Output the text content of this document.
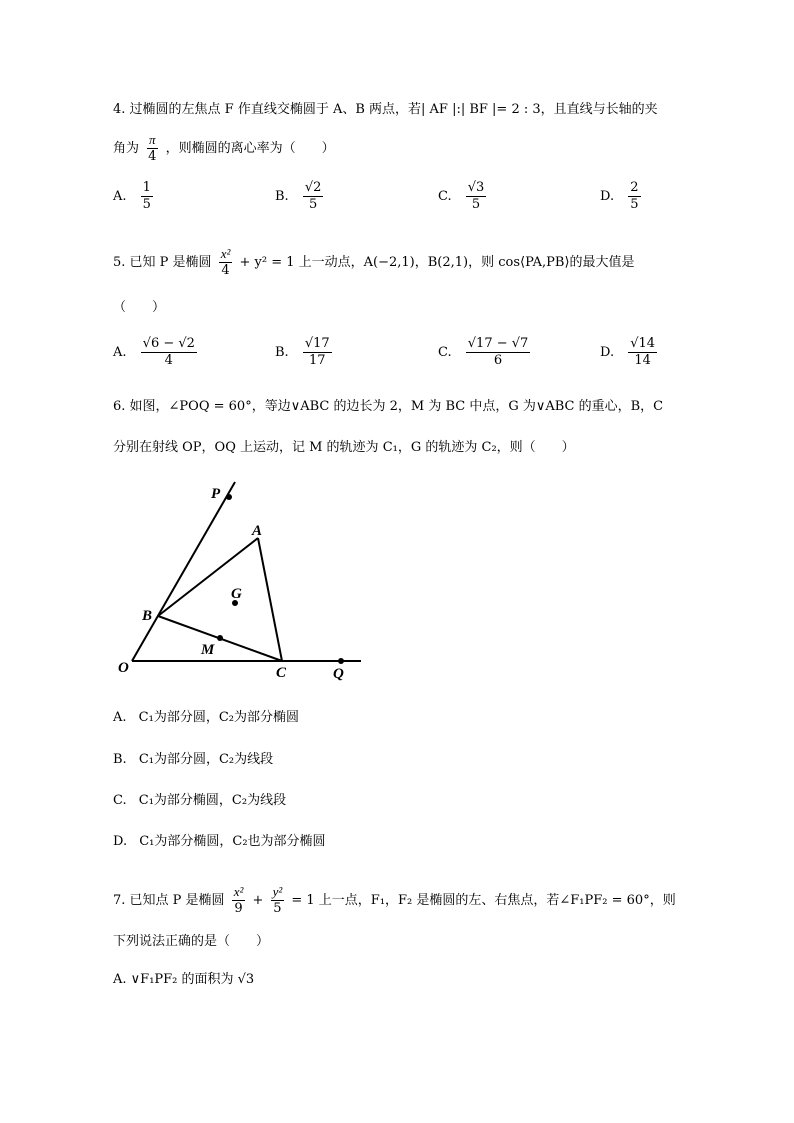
4. 过椭圆的左焦点 F 作直线交椭圆于 A、B 两点，若| AF |:| BF |= 2 : 3，且直线与长轴的夹
角为 $\frac{\pi}{4}$ ，则椭圆的离心率为（　　）
A. $\frac{1}{5}$	B. $\frac{√2}{5}$	C. $\frac{√3}{5}$	D. $\frac{2}{5}$
5. 已知 P 是椭圆 $\frac{\text{x²}}{4} + y^2 = 1$ 上一动点，A(−2,1)，B(2,1)，则 cos⟨PA,PB⟩的最大值是
（　　）
A. $\frac{√6 - √2}{4}$	B. $\frac{√17}{17}$	C. $\frac{√17 - √7}{6}$	D. $\frac{√14}{14}$
6. 如图，∠POQ = 60°，等边∨ABC 的边长为 2，M 为 BC 中点，G 为∨ABC 的重心，B，C
分别在射线 OP，OQ 上运动，记 M 的轨迹为 C₁，G 的轨迹为 C₂，则（　　）
P
A
G
B
M
O	C	Q
A. C₁为部分圆，C₂为部分椭圆
B. C₁为部分圆，C₂为线段
C. C₁为部分椭圆，C₂为线段
D. C₁为部分椭圆，C₂也为部分椭圆
7. 已知点 P 是椭圆 $\frac{\text{x²}}{9} + \frac{\text{y²}}{5} = 1$ 上一点，F₁，F₂ 是椭圆的左、右焦点，若∠F₁PF₂ = 60°，则
下列说法正确的是（　　）
A. ∨F₁PF₂ 的面积为 √3
